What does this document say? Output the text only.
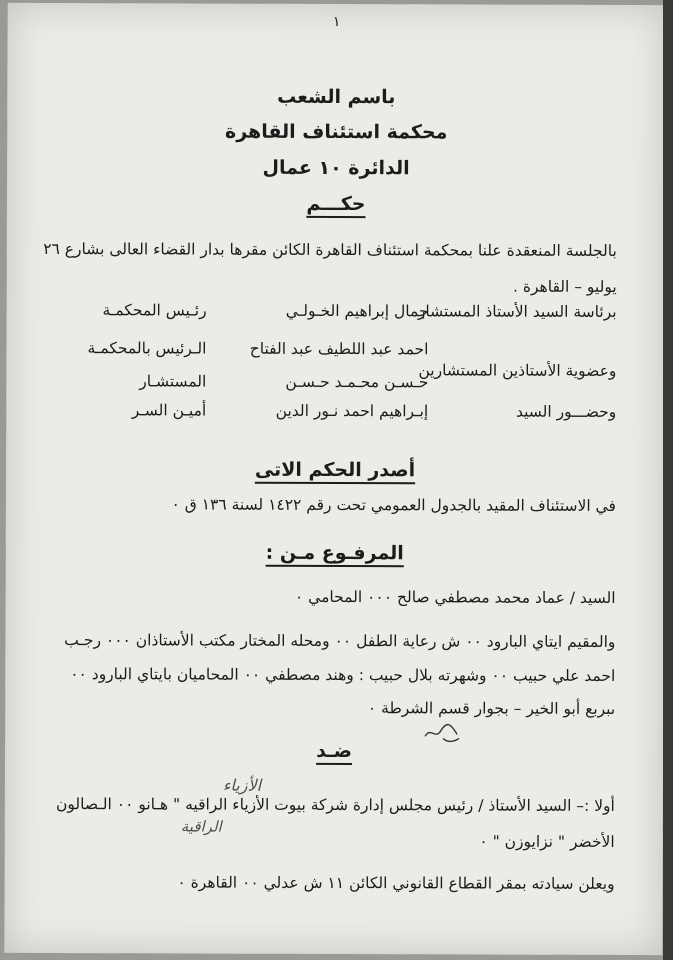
١
باسم الشعب
محكمة استئناف القاهرة
الدائرة ١٠ عمال
حكـــم
بالجلسة المنعقدة علنا بمحكمة استئناف القاهرة الكائن مقرها بدار القضاء العالى بشارع ٢٦
يوليو – القاهرة .
برئاسة السيد الأستاذ المستشار
جمال إبراهيم الخـولـي
رئـيس المحكمـة
احمد عبد اللطيف عبد الفتاح
الـرئيس بالمحكمـة
وعضوية الأستاذين المستشارين
حـسـن محـمـد حـسـن
المستشـار
وحضـــور السيد
إبـراهيم احمد نـور الدين
أميـن السـر
أصدر الحكم الاتى
في الاستئناف المقيد بالجدول العمومي تحت رقم ١٤٢٢ لسنة ١٣٦ ق ٠
المرفـوع مـن :
السيد / عماد محمد مصطفي صالح ٠٠٠ المحامي ٠
والمقيم ايتاي البارود ٠٠ ش رعاية الطفل ٠٠ ومحله المختار مكتب الأستاذان ٠٠٠ رجـب
احمد علي حبيب ٠٠ وشهرته بلال حبيب : وهند مصطفي ٠٠ المحاميان بايتاي البارود ٠٠
ىبربع أبو الخير – بجوار قسم الشرطة ٠
ضـد
الأزياء
الراقية
أولا :– السيد الأستاذ / رئيس مجلس إدارة شركة بيوت الأزياء الراقيه " هـانو ٠٠ الـصالون
الأخضر " نزايوزن " ٠
ويعلن سيادته بمقر القطاع القانوني الكائن ١١ ش عدلي ٠٠ القاهرة ٠
